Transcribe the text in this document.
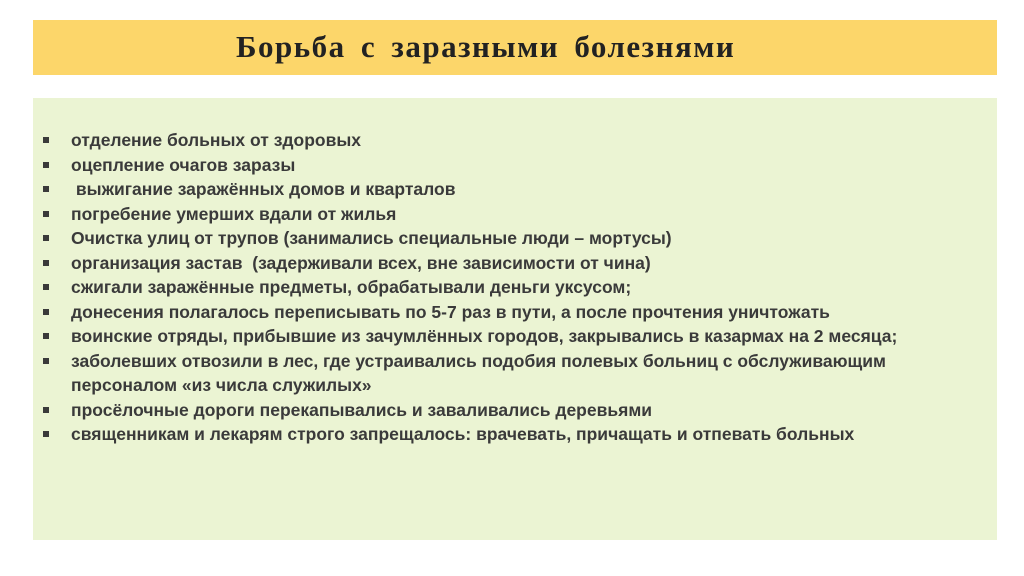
Борьба с заразными болезнями
отделение больных от здоровых
оцепление очагов заразы
выжигание заражённых домов и кварталов
погребение умерших вдали от жилья
Очистка улиц от трупов (занимались специальные люди – мортусы)
организация застав  (задерживали всех, вне зависимости от чина)
сжигали заражённые предметы, обрабатывали деньги уксусом;
донесения полагалось переписывать по 5-7 раз в пути, а после прочтения уничтожать
воинские отряды, прибывшие из зачумлённых городов, закрывались в казармах на 2 месяца;
заболевших отвозили в лес, где устраивались подобия полевых больниц с обслуживающим персоналом «из числа служилых»
просёлочные дороги перекапывались и заваливались деревьями
священникам и лекарям строго запрещалось: врачевать, причащать и отпевать больных
